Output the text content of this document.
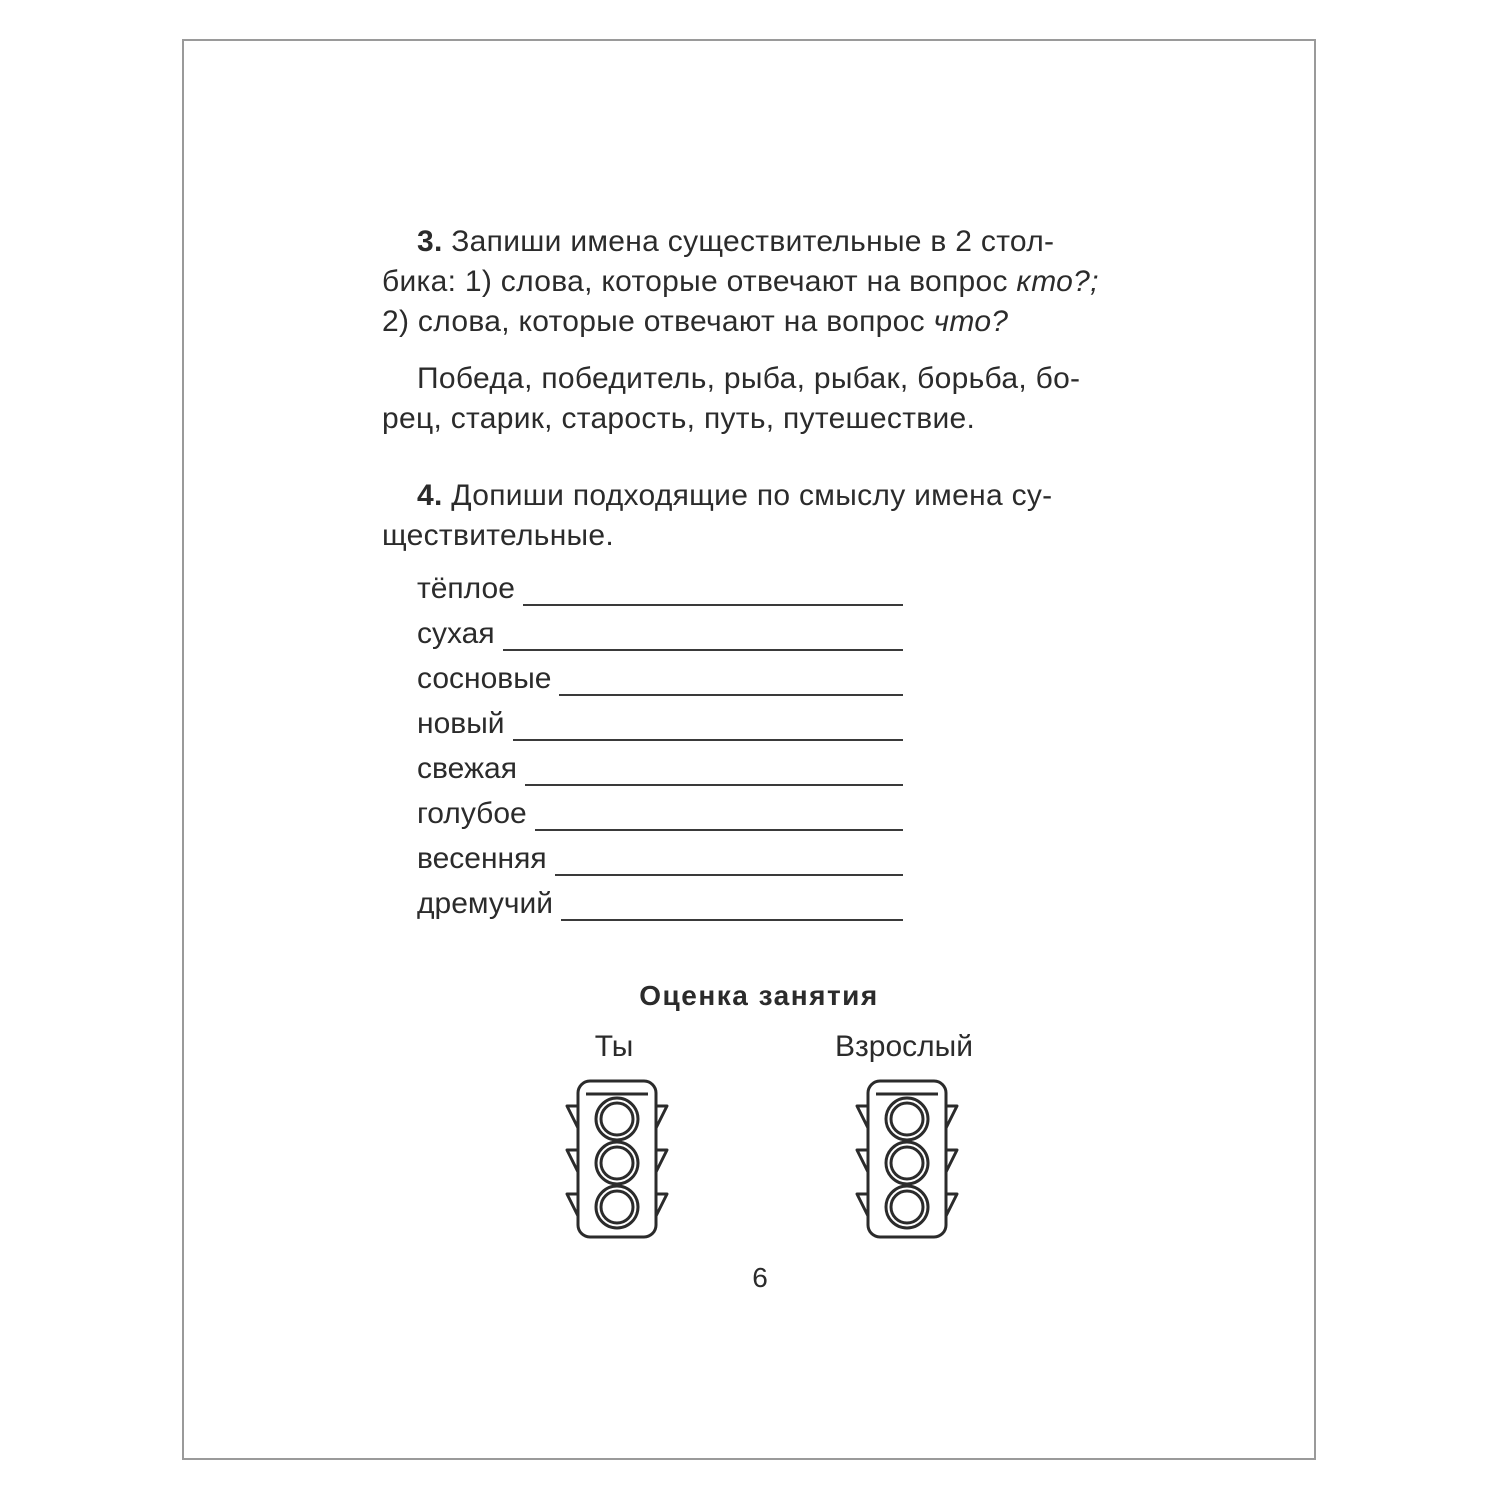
3. Запиши имена существительные в 2 стол-
бика: 1) слова, которые отвечают на вопрос кто?;
2) слова, которые отвечают на вопрос что?
Победа, победитель, рыба, рыбак, борьба, бо-
рец, старик, старость, путь, путешествие.
4. Допиши подходящие по смыслу имена су-
ществительные.
тёплое
сухая
сосновые
новый
свежая
голубое
весенняя
дремучий
Оценка занятия
Ты	Взрослый
6
